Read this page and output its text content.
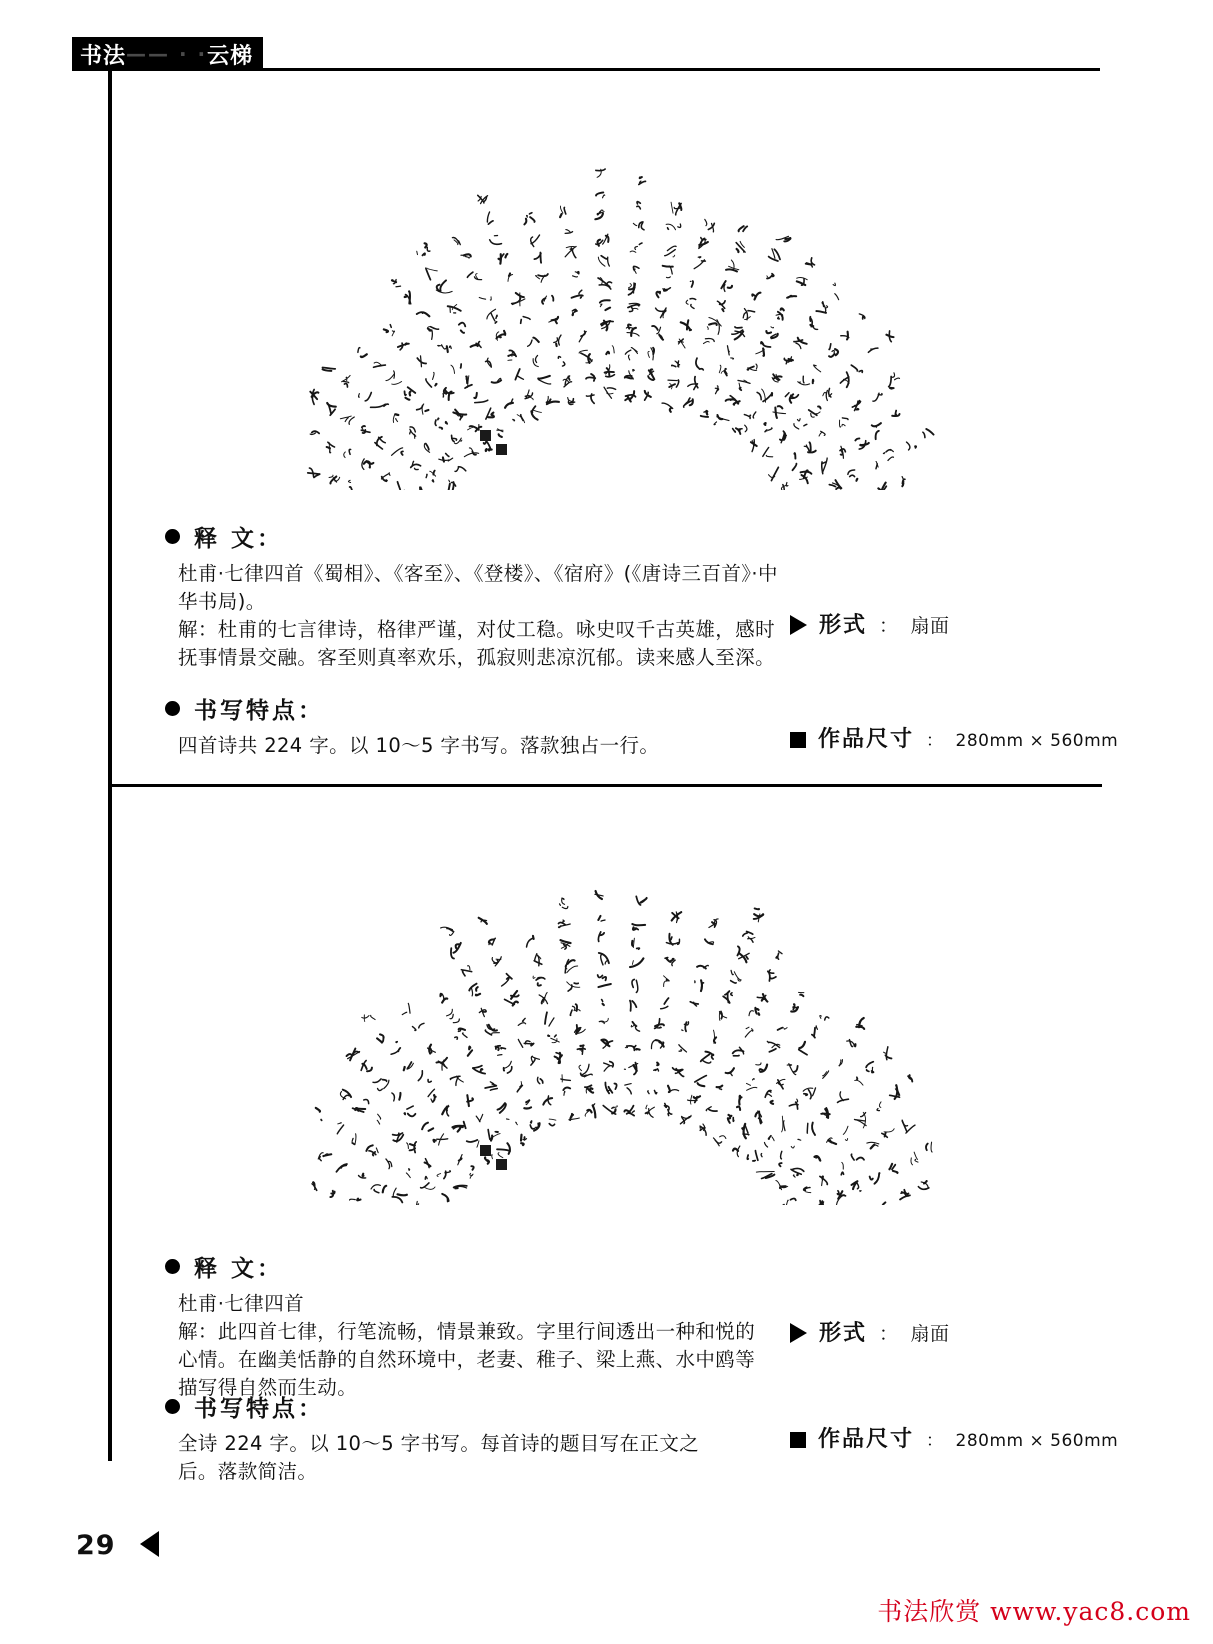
书法 —— · · 云梯
释 文：

杜甫·七律四首《蜀相》、《客至》、《登楼》、《宿府》(《唐诗三百首》·中华书局)。

解：杜甫的七言律诗，格律严谨，对仗工稳。咏史叹千古英雄，感时抚事情景交融。客至则真率欢乐，孤寂则悲凉沉郁。读来感人至深。

书写特点：

四首诗共 224 字。以 10～5 字书写。落款独占一行。

形式 ： 扇面
作品尺寸 ： 280mm × 560mm
释 文：

杜甫·七律四首

解：此四首七律，行笔流畅，情景兼致。字里行间透出一种和悦的心情。在幽美恬静的自然环境中，老妻、稚子、梁上燕、水中鸥等描写得自然而生动。

书写特点：

全诗 224 字。以 10～5 字书写。每首诗的题目写在正文之后。落款简洁。

形式 ： 扇面
作品尺寸 ： 280mm × 560mm
29
书法欣赏 www.yac8.com
